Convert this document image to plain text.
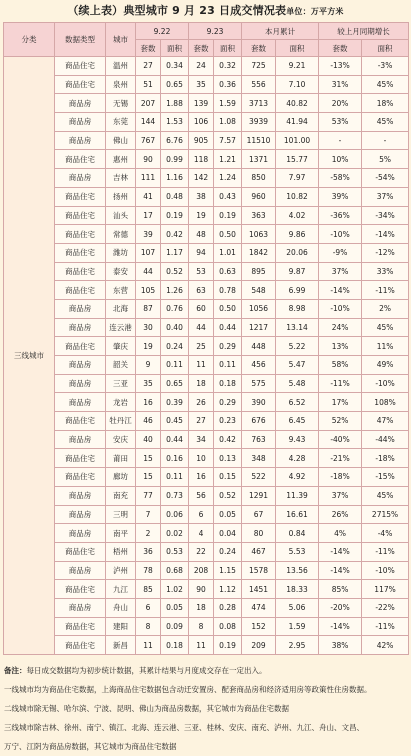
（续上表）典型城市 9 月 23 日成交情况表单位：万平方米
分类	数据类型	城市	9.22		9.23		本月累计		较上月同期增长	
			套数	面积	套数	面积	套数	面积	套数	面积
三线城市	商品住宅	温州	27	0.34	24	0.32	725	9.21	-13%	-3%
	商品住宅	泉州	51	0.65	35	0.36	556	7.10	31%	45%
	商品房	无锡	207	1.88	139	1.59	3713	40.82	20%	18%
	商品房	东莞	144	1.53	106	1.08	3939	41.94	53%	45%
	商品房	佛山	767	6.76	905	7.57	11510	101.00	-	-
	商品住宅	惠州	90	0.99	118	1.21	1371	15.77	10%	5%
	商品房	吉林	111	1.16	142	1.24	850	7.97	-58%	-54%
	商品住宅	扬州	41	0.48	38	0.43	960	10.82	39%	37%
	商品住宅	汕头	17	0.19	19	0.19	363	4.02	-36%	-34%
	商品住宅	常德	39	0.42	48	0.50	1063	9.86	-10%	-14%
	商品住宅	潍坊	107	1.17	94	1.01	1842	20.06	-9%	-12%
	商品住宅	泰安	44	0.52	53	0.63	895	9.87	37%	33%
	商品住宅	东营	105	1.26	63	0.78	548	6.99	-14%	-11%
	商品房	北海	87	0.76	60	0.50	1056	8.98	-10%	2%
	商品房	连云港	30	0.40	44	0.44	1217	13.14	24%	45%
	商品住宅	肇庆	19	0.24	25	0.29	448	5.22	13%	11%
	商品房	韶关	9	0.11	11	0.11	456	5.47	58%	49%
	商品房	三亚	35	0.65	18	0.18	575	5.48	-11%	-10%
	商品房	龙岩	16	0.39	26	0.29	390	6.52	17%	108%
	商品住宅	牡丹江	46	0.45	27	0.23	676	6.45	52%	47%
	商品房	安庆	40	0.44	34	0.42	763	9.43	-40%	-44%
	商品住宅	莆田	15	0.16	10	0.13	348	4.28	-21%	-18%
	商品住宅	廊坊	15	0.11	16	0.15	522	4.92	-18%	-15%
	商品房	南充	77	0.73	56	0.52	1291	11.39	37%	45%
	商品房	三明	7	0.06	6	0.05	67	16.61	26%	2715%
	商品房	南平	2	0.02	4	0.04	80	0.84	4%	-4%
	商品住宅	梧州	36	0.53	22	0.24	467	5.53	-14%	-11%
	商品房	泸州	78	0.68	208	1.15	1578	13.56	-14%	-10%
	商品住宅	九江	85	1.02	90	1.12	1451	18.33	85%	117%
	商品房	舟山	6	0.05	18	0.28	474	5.06	-20%	-22%
	商品住宅	建阳	8	0.09	8	0.08	152	1.59	-14%	-11%
	商品住宅	新昌	11	0.18	11	0.19	209	2.95	38%	42%
备注：每日成交数据均为初步统计数据，其累计结果与月度成交存在一定出入。
一线城市均为商品住宅数据，上海商品住宅数据包含动迁安置房、配套商品房和经济适用房等政策性住房数据。
二线城市除无锡、哈尔滨、宁波、昆明、佛山为商品房数据，其它城市为商品住宅数据
三线城市除吉林、徐州、南宁、镇江、北海、连云港、三亚、桂林、安庆、南充、泸州、九江、舟山、文昌、
万宁、江阴为商品房数据，其它城市为商品住宅数据
